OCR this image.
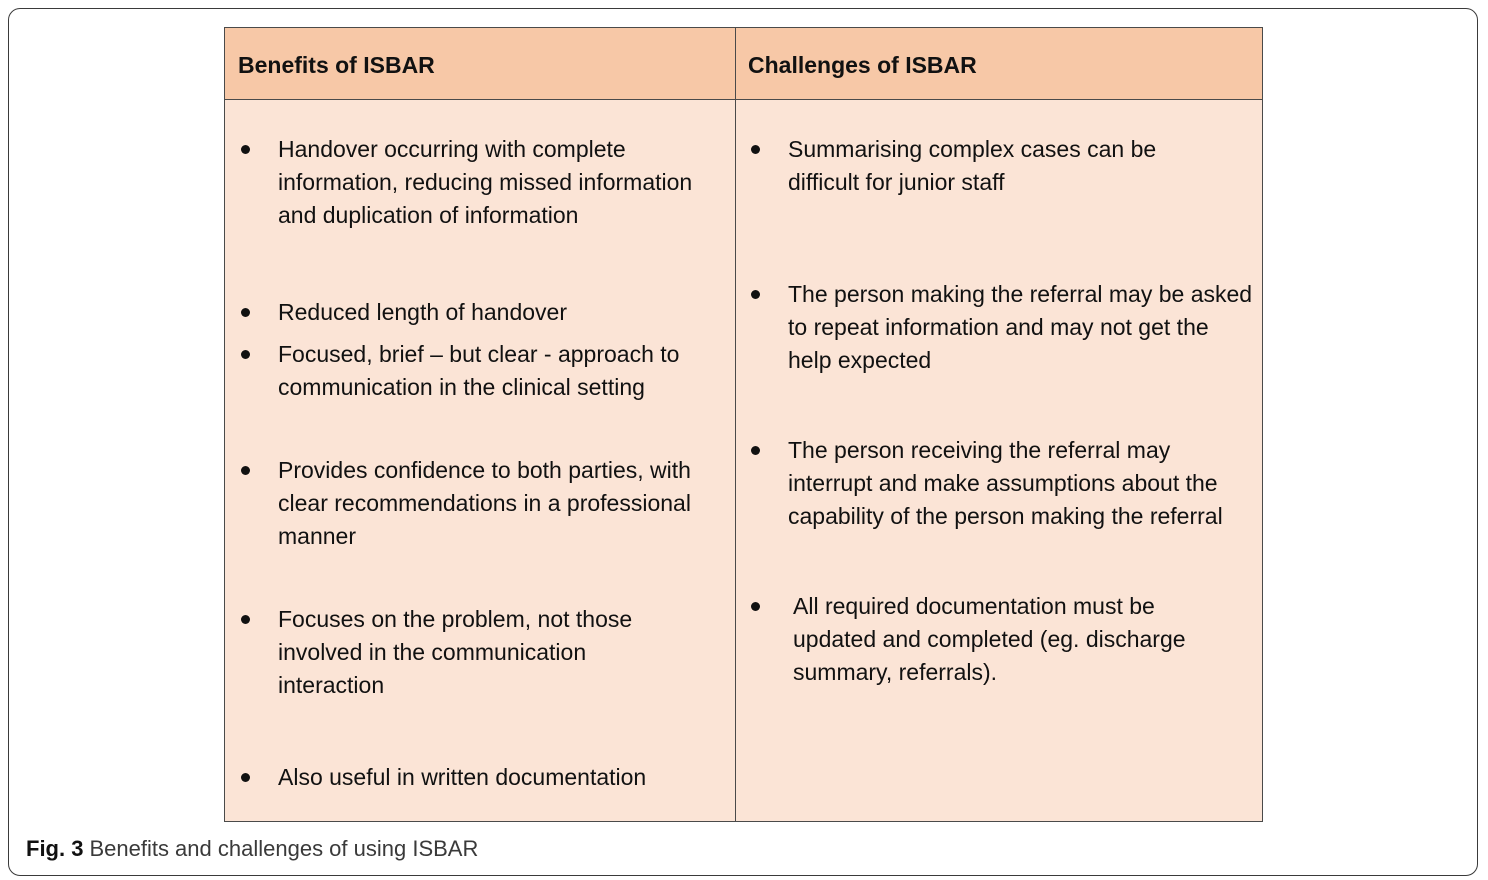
Benefits of ISBAR	Challenges of ISBAR
Handover occurring with complete information, reducing missed information and duplication of information
Reduced length of handover
Focused, brief – but clear - approach to communication in the clinical setting
Provides confidence to both parties, with clear recommendations in a professional manner
Focuses on the problem, not those involved in the communication interaction
Also useful in written documentation
Summarising complex cases can be difficult for junior staff
The person making the referral may be asked to repeat information and may not get the help expected
The person receiving the referral may interrupt and make assumptions about the capability of the person making the referral
All required documentation must be updated and completed (eg. discharge summary, referrals).
Fig. 3 Benefits and challenges of using ISBAR
